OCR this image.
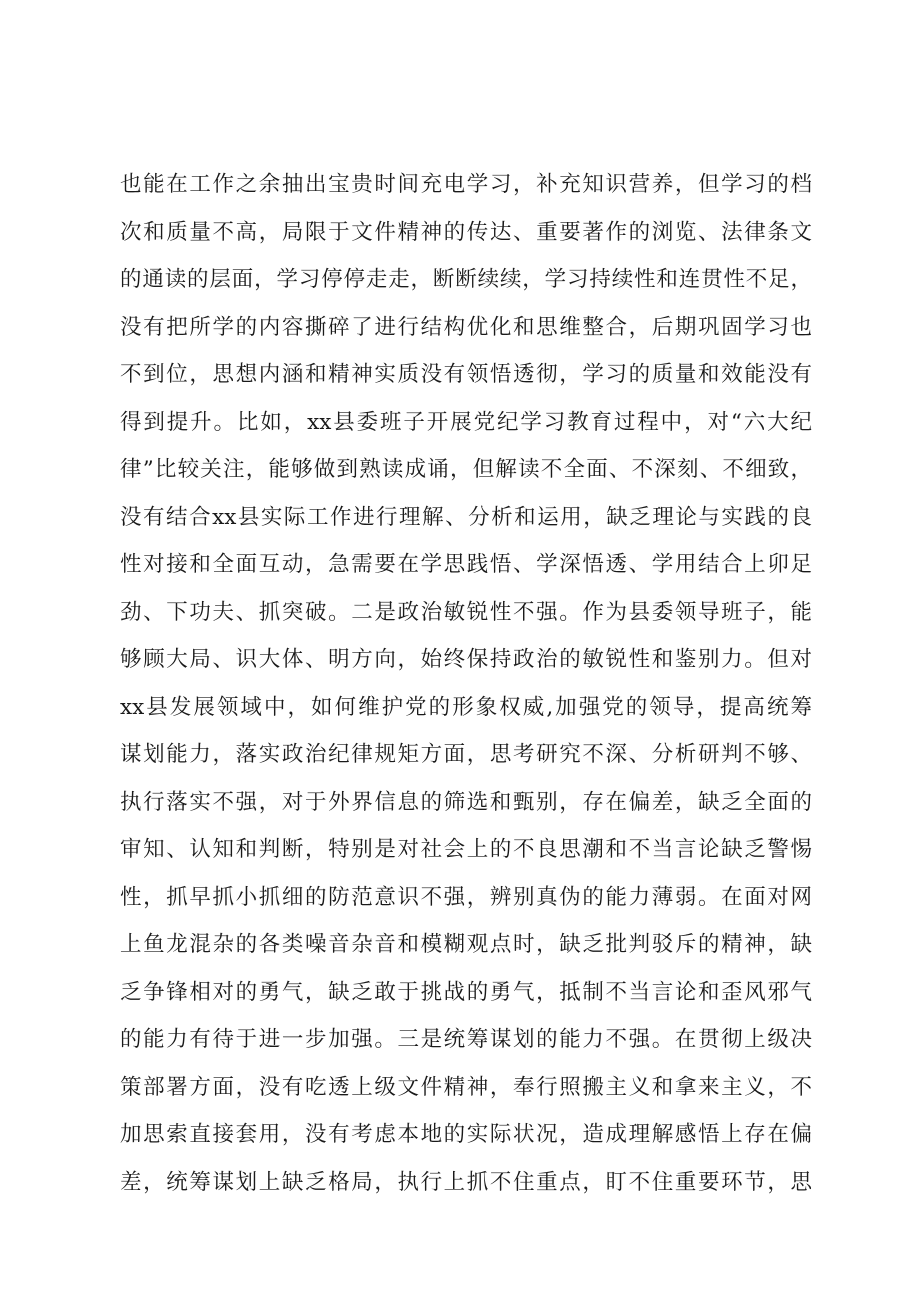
也能在工作之余抽出宝贵时间充电学习，补充知识营养，但学习的档
次和质量不高，局限于文件精神的传达、重要著作的浏览、法律条文
的通读的层面，学习停停走走，断断续续，学习持续性和连贯性不足，
没有把所学的内容撕碎了进行结构优化和思维整合，后期巩固学习也
不到位，思想内涵和精神实质没有领悟透彻，学习的质量和效能没有
得到提升。比如，xx县委班子开展党纪学习教育过程中，对“六大纪
律”比较关注，能够做到熟读成诵，但解读不全面、不深刻、不细致，
没有结合xx县实际工作进行理解、分析和运用，缺乏理论与实践的良
性对接和全面互动，急需要在学思践悟、学深悟透、学用结合上卯足
劲、下功夫、抓突破。二是政治敏锐性不强。作为县委领导班子，能
够顾大局、识大体、明方向，始终保持政治的敏锐性和鉴别力。但对
xx县发展领域中，如何维护党的形象权威,加强党的领导，提高统筹
谋划能力，落实政治纪律规矩方面，思考研究不深、分析研判不够、
执行落实不强，对于外界信息的筛选和甄别，存在偏差，缺乏全面的
审知、认知和判断，特别是对社会上的不良思潮和不当言论缺乏警惕
性，抓早抓小抓细的防范意识不强，辨别真伪的能力薄弱。在面对网
上鱼龙混杂的各类噪音杂音和模糊观点时，缺乏批判驳斥的精神，缺
乏争锋相对的勇气，缺乏敢于挑战的勇气，抵制不当言论和歪风邪气
的能力有待于进一步加强。三是统筹谋划的能力不强。在贯彻上级决
策部署方面，没有吃透上级文件精神，奉行照搬主义和拿来主义，不
加思索直接套用，没有考虑本地的实际状况，造成理解感悟上存在偏
差，统筹谋划上缺乏格局，执行上抓不住重点，盯不住重要环节，思
